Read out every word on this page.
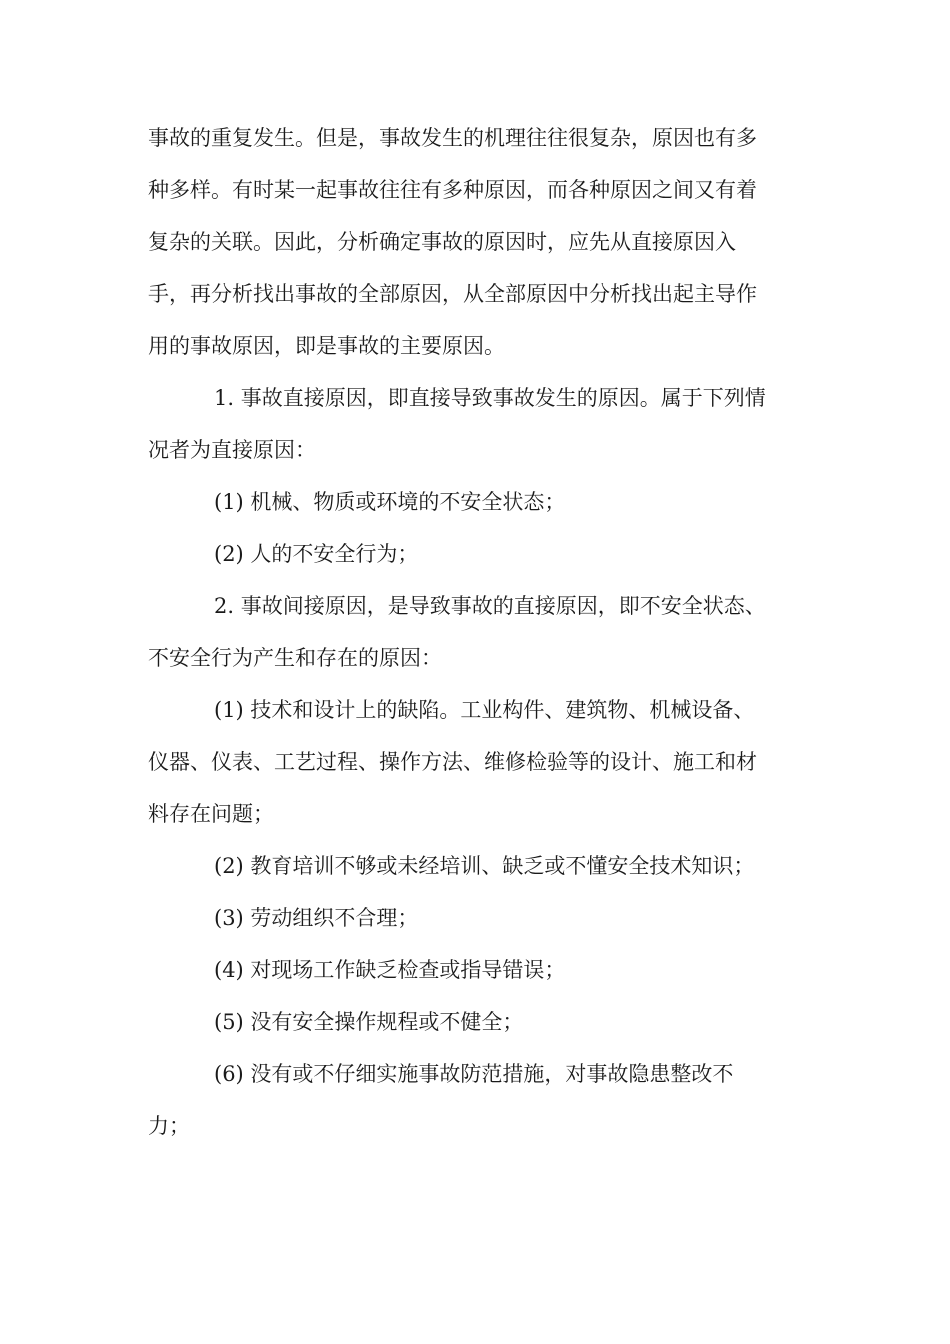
事故的重复发生。但是，事故发生的机理往往很复杂，原因也有多
种多样。有时某一起事故往往有多种原因，而各种原因之间又有着
复杂的关联。因此，分析确定事故的原因时，应先从直接原因入
手，再分析找出事故的全部原因，从全部原因中分析找出起主导作
用的事故原因，即是事故的主要原因。
1. 事故直接原因，即直接导致事故发生的原因。属于下列情
况者为直接原因：
(1) 机械、物质或环境的不安全状态；
(2) 人的不安全行为；
2. 事故间接原因，是导致事故的直接原因，即不安全状态、
不安全行为产生和存在的原因：
(1) 技术和设计上的缺陷。工业构件、建筑物、机械设备、
仪器、仪表、工艺过程、操作方法、维修检验等的设计、施工和材
料存在问题；
(2) 教育培训不够或未经培训、缺乏或不懂安全技术知识；
(3) 劳动组织不合理；
(4) 对现场工作缺乏检查或指导错误；
(5) 没有安全操作规程或不健全；
(6) 没有或不仔细实施事故防范措施，对事故隐患整改不
力；
